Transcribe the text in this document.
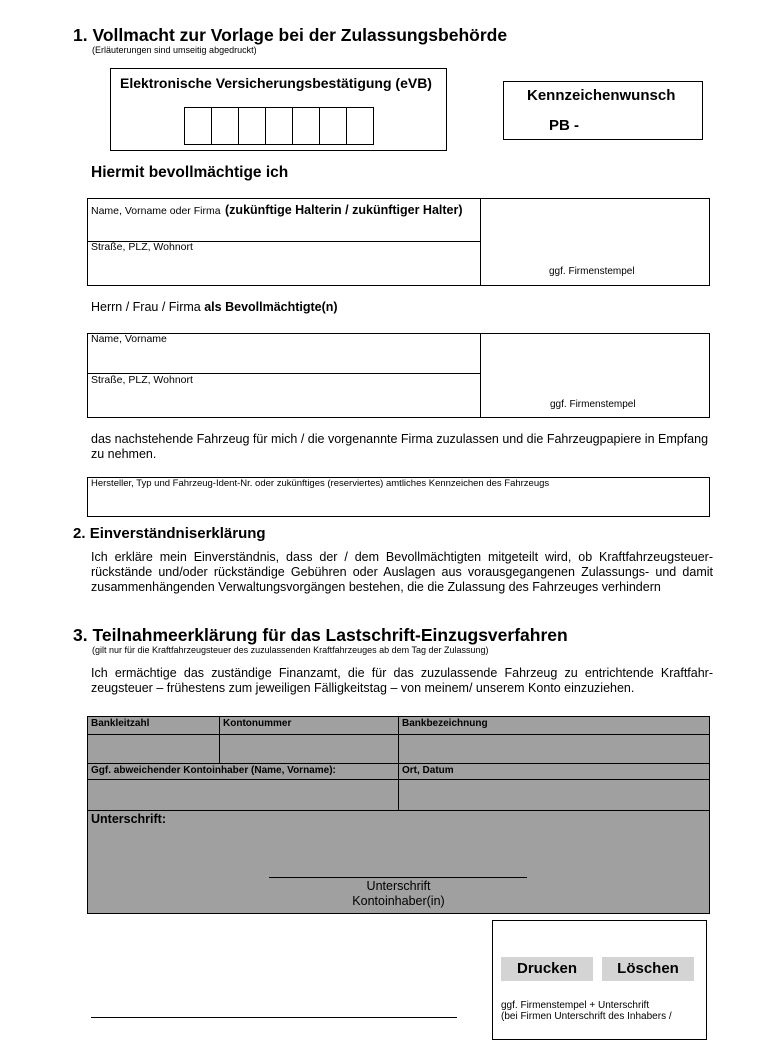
1. Vollmacht zur Vorlage bei der Zulassungsbehörde
(Erläuterungen sind umseitig abgedruckt)
Elektronische Versicherungsbestätigung (eVB)
Kennzeichenwunsch
PB -
Hiermit bevollmächtige ich
Name, Vorname oder Firma (zukünftige Halterin / zukünftiger Halter)
Straße, PLZ, Wohnort
ggf. Firmenstempel
Herrn / Frau / Firma als Bevollmächtigte(n)
Name, Vorname
Straße, PLZ, Wohnort
ggf. Firmenstempel
das nachstehende Fahrzeug für mich / die vorgenannte Firma zuzulassen und die Fahrzeugpapiere in Empfang zu nehmen.
Hersteller, Typ und Fahrzeug-Ident-Nr. oder zukünftiges (reserviertes) amtliches Kennzeichen des Fahrzeugs
2. Einverständniserklärung
Ich erkläre mein Einverständnis, dass der / dem Bevollmächtigten mitgeteilt wird, ob Kraftfahrzeugsteuer-rückstände und/oder rückständige Gebühren oder Auslagen aus vorausgegangenen Zulassungs- und damit zusammenhängenden Verwaltungsvorgängen bestehen, die die Zulassung des Fahrzeuges verhindern
3. Teilnahmeerklärung für das Lastschrift-Einzugsverfahren
(gilt nur für die Kraftfahrzeugsteuer des zuzulassenden Kraftfahrzeuges ab dem Tag der Zulassung)
Ich ermächtige das zuständige Finanzamt, die für das zuzulassende Fahrzeug zu entrichtende Kraftfahr-zeugsteuer – frühestens zum jeweiligen Fälligkeitstag – von meinem/ unserem Konto einzuziehen.
Bankleitzahl	Kontonummer	Bankbezeichnung
Ggf. abweichender Kontoinhaber (Name, Vorname):	Ort, Datum
Unterschrift:
Unterschrift
Kontoinhaber(in)
Drucken	Löschen
ggf. Firmenstempel + Unterschrift
(bei Firmen Unterschrift des Inhabers /
